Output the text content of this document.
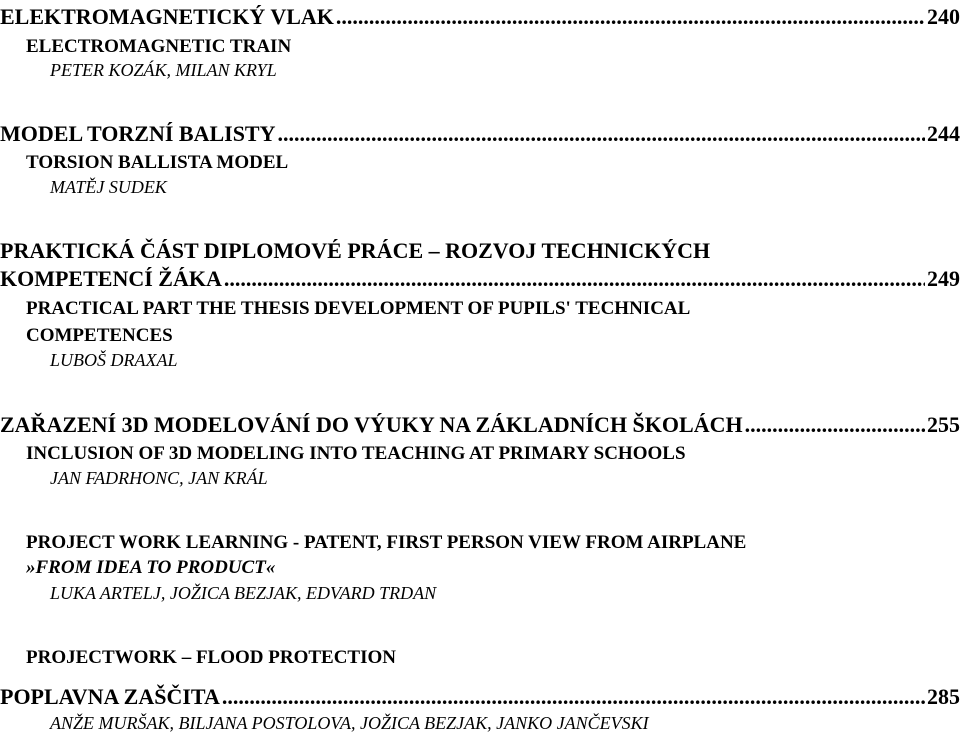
ELEKTROMAGNETICKÝ VLAK .....	240
ELECTROMAGNETIC TRAIN
PETER KOZÁK, MILAN KRYL
MODEL TORZNÍ BALISTY .....	244
TORSION BALLISTA MODEL
MATĚJ SUDEK
PRAKTICKÁ ČÁST DIPLOMOVÉ PRÁCE – ROZVOJ TECHNICKÝCH
KOMPETENCÍ ŽÁKA .....	249
PRACTICAL PART THE THESIS DEVELOPMENT OF PUPILS' TECHNICAL
COMPETENCES
LUBOŠ DRAXAL
ZAŘAZENÍ 3D MODELOVÁNÍ DO VÝUKY NA ZÁKLADNÍCH ŠKOLÁCH .....	255
INCLUSION OF 3D MODELING INTO TEACHING AT PRIMARY SCHOOLS
JAN FADRHONC, JAN KRÁL
PROJECT WORK LEARNING - PATENT, FIRST PERSON VIEW FROM AIRPLANE
»FROM IDEA TO PRODUCT«
LUKA ARTELJ, JOŽICA BEZJAK, EDVARD TRDAN
PROJECTWORK – FLOOD PROTECTION
POPLAVNA ZAŠČITA .....	285
ANŽE MURŠAK, BILJANA POSTOLOVA, JOŽICA BEZJAK, JANKO JANČEVSKI
